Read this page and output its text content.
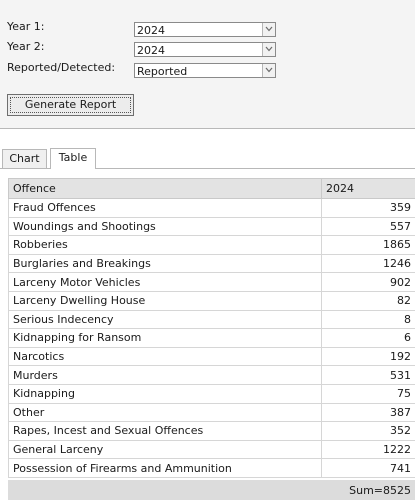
Year 1:	2024
Year 2:	2024
Reported/Detected: Reported
Generate Report
Chart	Table
Offence	2024
Fraud Offences	359
Woundings and Shootings	557
Robberies	1865
Burglaries and Breakings	1246
Larceny Motor Vehicles	902
Larceny Dwelling House	82
Serious Indecency	8
Kidnapping for Ransom	6
Narcotics	192
Murders	531
Kidnapping	75
Other	387
Rapes, Incest and Sexual Offences	352
General Larceny	1222
Possession of Firearms and Ammunition	741
Sum=8525
